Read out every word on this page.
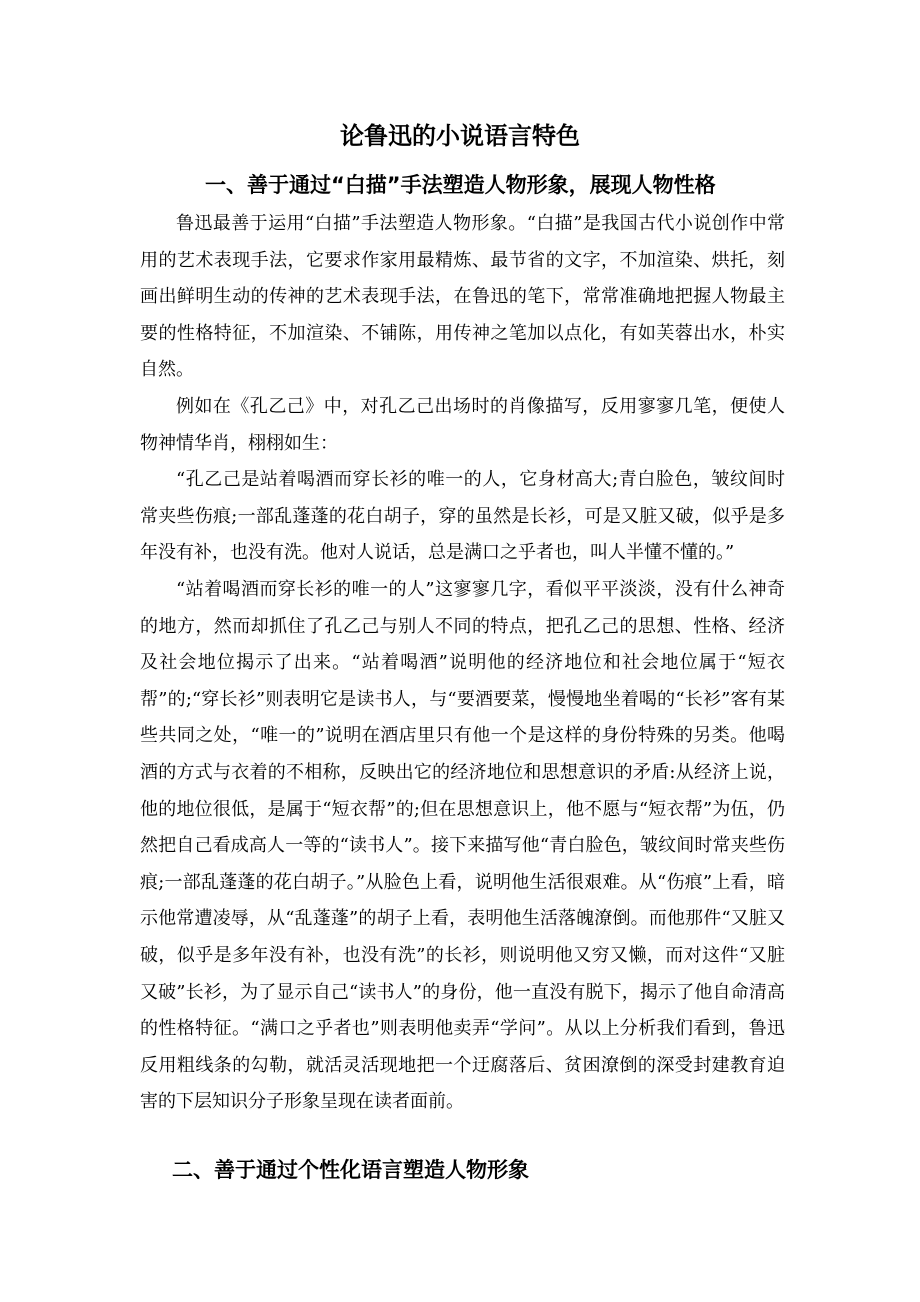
论鲁迅的小说语言特色
一、善于通过“白描”手法塑造人物形象，展现人物性格

鲁迅最善于运用“白描”手法塑造人物形象。“白描”是我国古代小说创作中常用的艺术表现手法，它要求作家用最精炼、最节省的文字，不加渲染、烘托，刻画出鲜明生动的传神的艺术表现手法，在鲁迅的笔下，常常准确地把握人物最主要的性格特征，不加渲染、不铺陈，用传神之笔加以点化，有如芙蓉出水，朴实自然。

例如在《孔乙己》中，对孔乙己出场时的肖像描写，反用寥寥几笔，便使人物神情华肖，栩栩如生：

“孔乙己是站着喝酒而穿长衫的唯一的人，它身材高大;青白脸色，皱纹间时常夹些伤痕;一部乱蓬蓬的花白胡子，穿的虽然是长衫，可是又脏又破，似乎是多年没有补，也没有洗。他对人说话，总是满口之乎者也，叫人半懂不懂的。”

“站着喝酒而穿长衫的唯一的人”这寥寥几字，看似平平淡淡，没有什么神奇的地方，然而却抓住了孔乙己与别人不同的特点，把孔乙己的思想、性格、经济及社会地位揭示了出来。“站着喝酒”说明他的经济地位和社会地位属于“短衣帮”的;“穿长衫”则表明它是读书人，与“要酒要菜，慢慢地坐着喝的“长衫”客有某些共同之处，“唯一的”说明在酒店里只有他一个是这样的身份特殊的另类。他喝酒的方式与衣着的不相称，反映出它的经济地位和思想意识的矛盾:从经济上说，他的地位很低，是属于“短衣帮”的;但在思想意识上，他不愿与“短衣帮”为伍，仍然把自己看成高人一等的“读书人”。接下来描写他“青白脸色，皱纹间时常夹些伤痕;一部乱蓬蓬的花白胡子。”从脸色上看，说明他生活很艰难。从“伤痕”上看，暗示他常遭凌辱，从“乱蓬蓬”的胡子上看，表明他生活落魄潦倒。而他那件“又脏又破，似乎是多年没有补，也没有洗”的长衫，则说明他又穷又懒，而对这件“又脏又破”长衫，为了显示自己“读书人”的身份，他一直没有脱下，揭示了他自命清高的性格特征。“满口之乎者也”则表明他卖弄“学问”。从以上分析我们看到，鲁迅反用粗线条的勾勒，就活灵活现地把一个迂腐落后、贫困潦倒的深受封建教育迫害的下层知识分子形象呈现在读者面前。

二、善于通过个性化语言塑造人物形象
